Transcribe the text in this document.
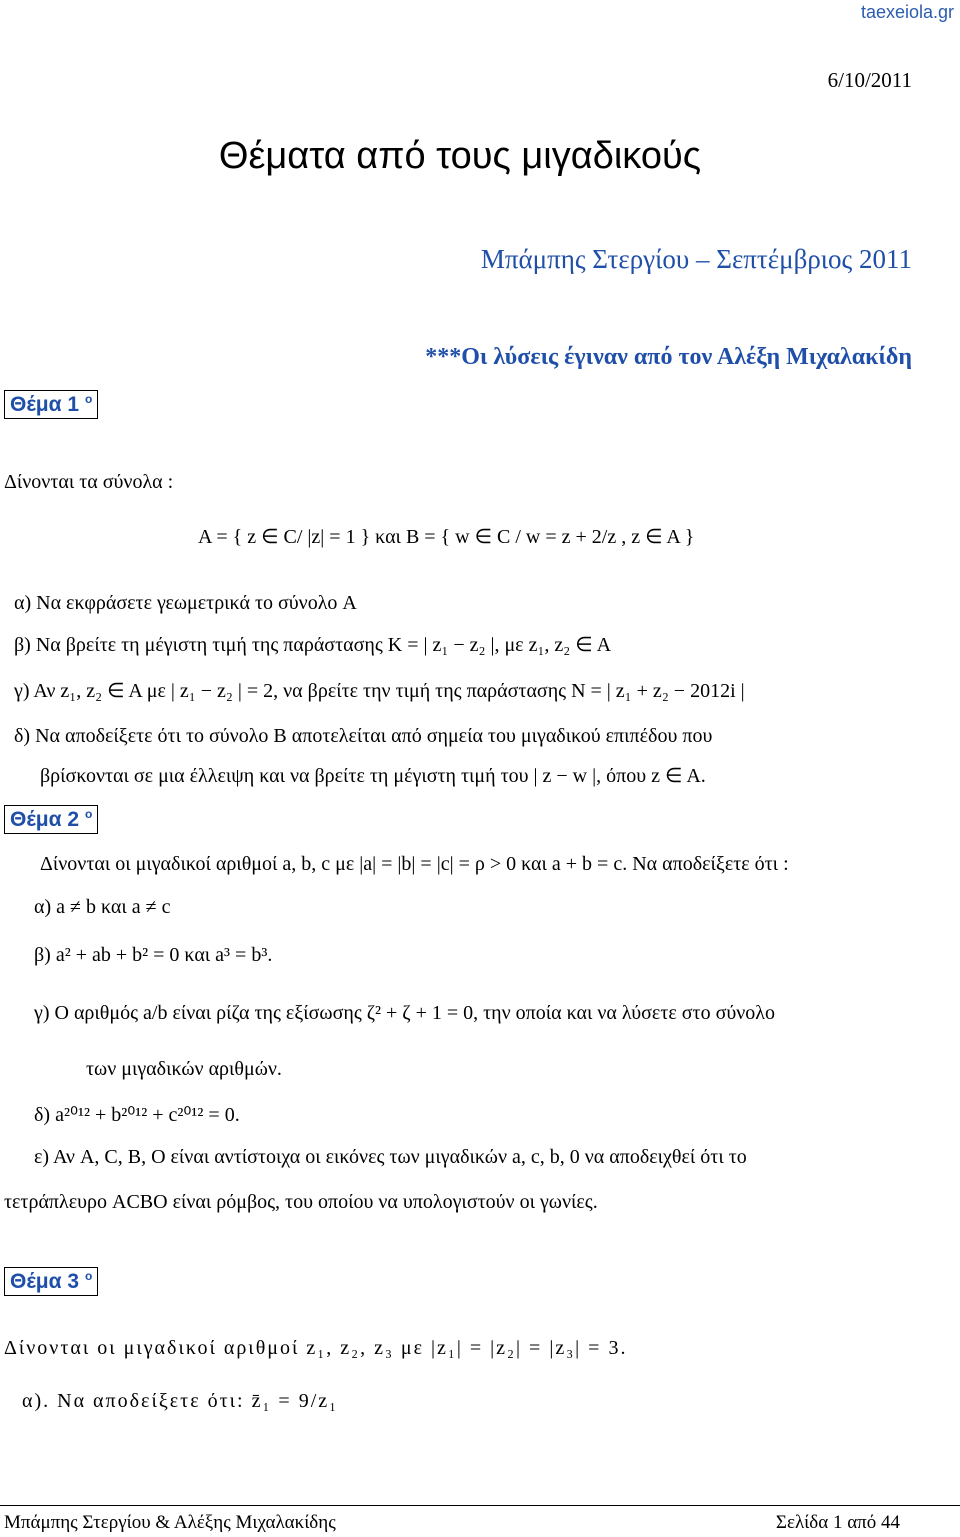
taexeiola.gr
6/10/2011
Θέματα από τους μιγαδικούς
Μπάμπης Στεργίου – Σεπτέμβριος 2011
***Οι λύσεις έγιναν από τον Αλέξη Μιχαλακίδη
Θέμα 1 $^o$
Δίνονται τα σύνολα :
A = { z ∈ C/ |z| = 1 } και B = { w ∈ C / w = z + 2/z , z ∈ A }
α) Να εκφράσετε γεωμετρικά το σύνολο A
β) Να βρείτε τη μέγιστη τιμή της παράστασης K = | z₁ − z₂ |, με z₁, z₂ ∈ A
γ) Αν z₁, z₂ ∈ A με | z₁ − z₂ | = 2, να βρείτε την τιμή της παράστασης N = | z₁ + z₂ − 2012i |
δ) Να αποδείξετε ότι το σύνολο B αποτελείται από σημεία του μιγαδικού επιπέδου που
βρίσκονται σε μια έλλειψη και να βρείτε τη μέγιστη τιμή του | z − w |, όπου z ∈ A.
Θέμα 2 $^o$
Δίνονται οι μιγαδικοί αριθμοί a, b, c με |a| = |b| = |c| = ρ > 0 και a + b = c. Να αποδείξετε ότι :
α) a ≠ b και a ≠ c
β) a² + ab + b² = 0 και a³ = b³.
γ) Ο αριθμός a/b είναι ρίζα της εξίσωσης ζ² + ζ + 1 = 0, την οποία και να λύσετε στο σύνολο
των μιγαδικών αριθμών.
δ) a²⁰¹² + b²⁰¹² + c²⁰¹² = 0.
ε) Αν A, C, B, O είναι αντίστοιχα οι εικόνες των μιγαδικών a, c, b, 0 να αποδειχθεί ότι το
τετράπλευρο ACBO είναι ρόμβος, του οποίου να υπολογιστούν οι γωνίες.
Θέμα 3 $^o$
Δίνονται οι μιγαδικοί αριθμοί z₁, z₂, z₃ με |z₁| = |z₂| = |z₃| = 3.
α). Να αποδείξετε ότι: z̄₁ = 9/z₁
Μπάμπης Στεργίου & Αλέξης Μιχαλακίδης	Σελίδα 1 από 44
